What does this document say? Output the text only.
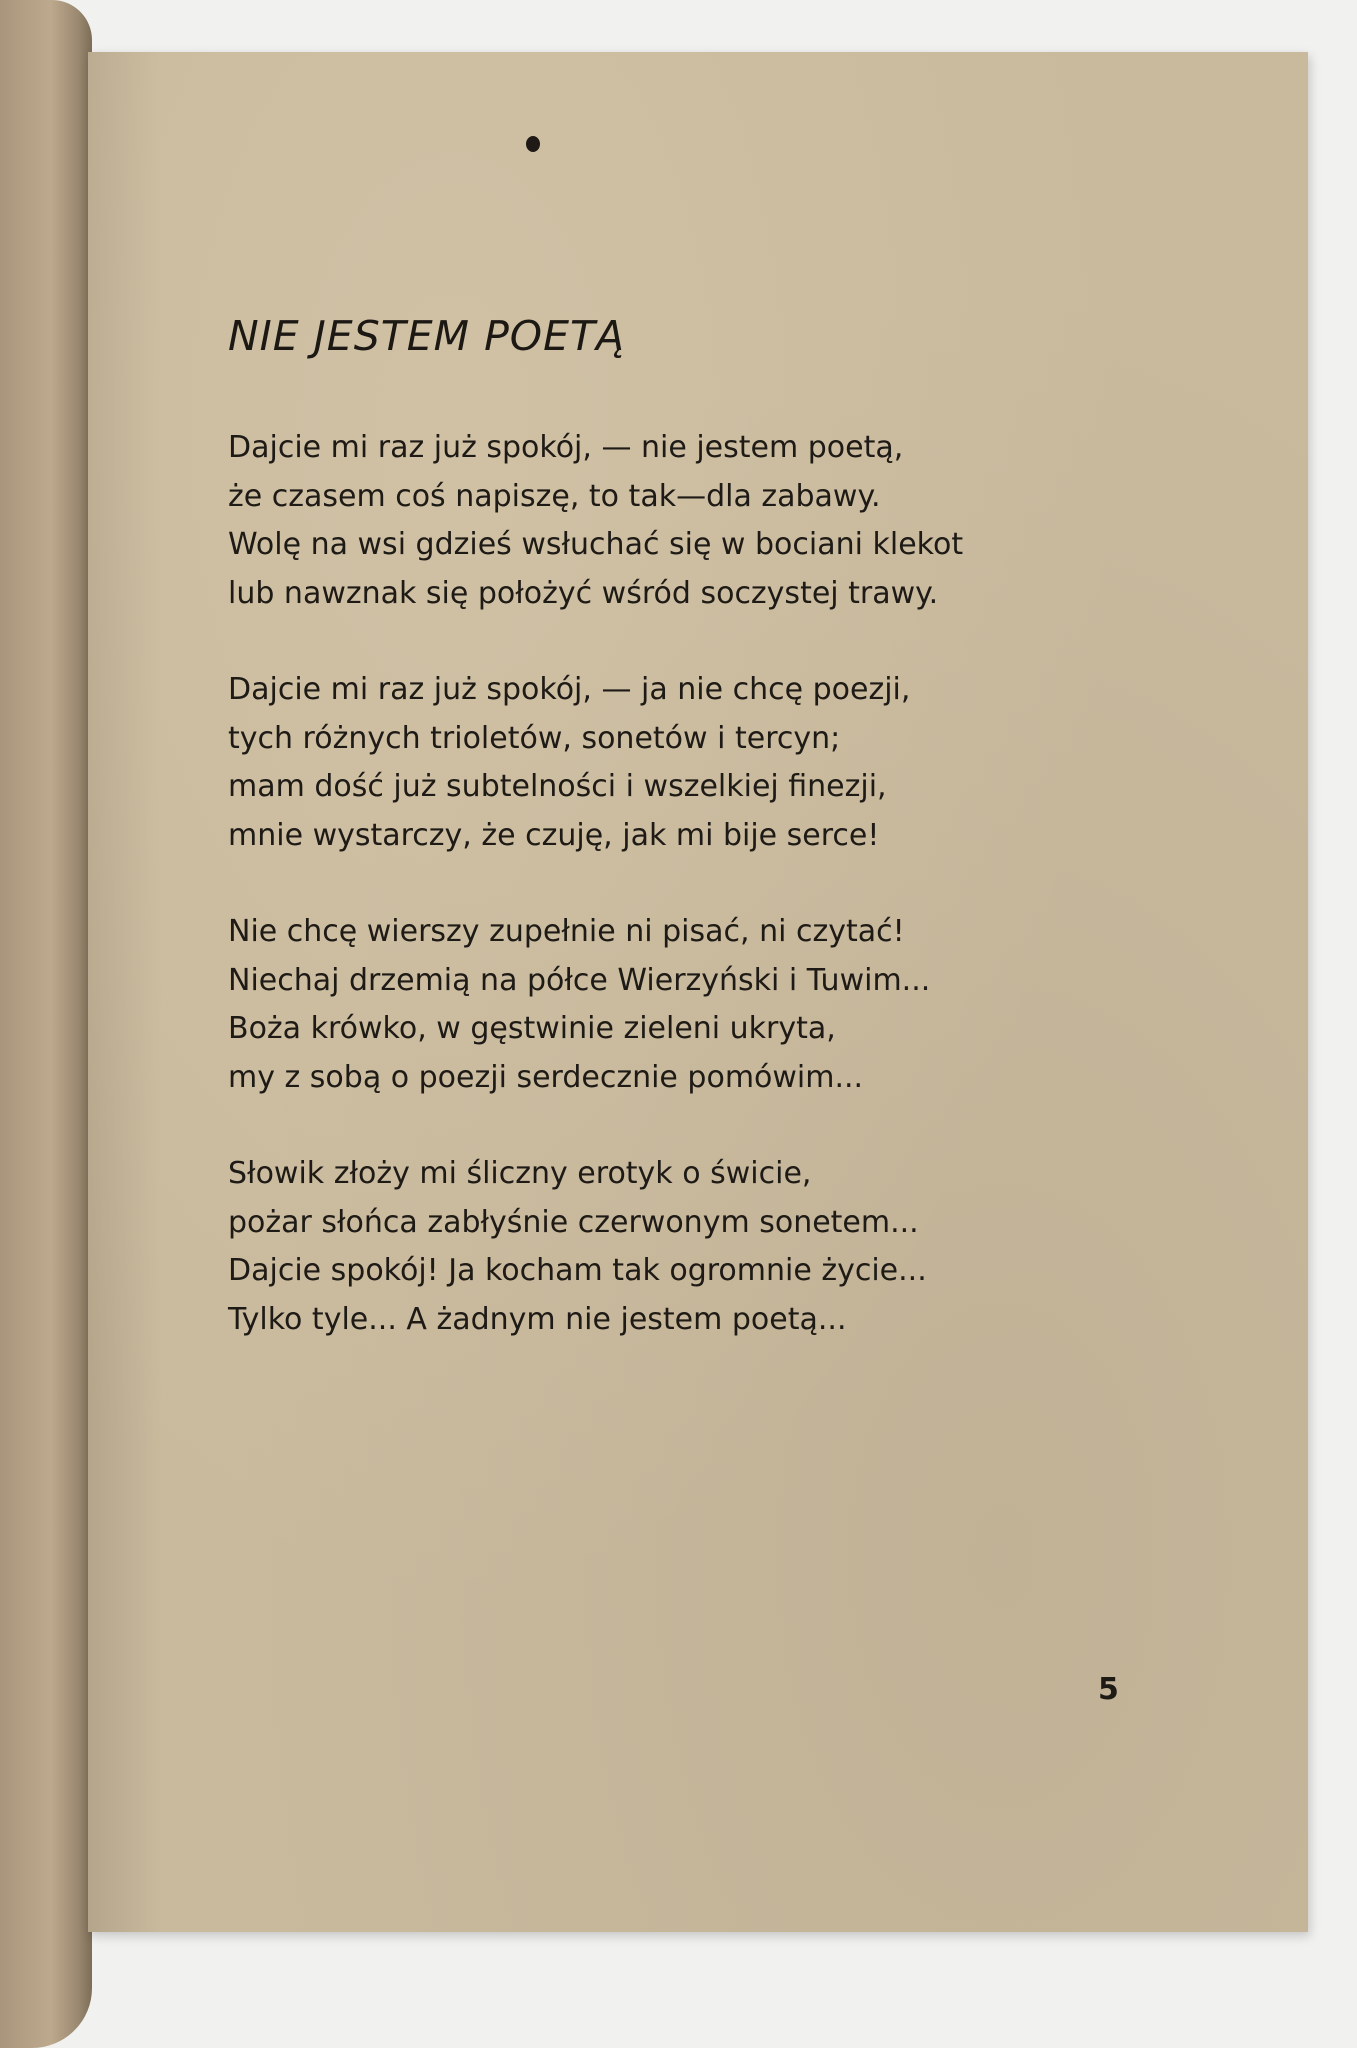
NIE JESTEM POETĄ
Dajcie mi raz już spokój, — nie jestem poetą,
że czasem coś napiszę, to tak—dla zabawy.
Wolę na wsi gdzieś wsłuchać się w bociani klekot
lub nawznak się położyć wśród soczystej trawy.
Dajcie mi raz już spokój, — ja nie chcę poezji,
tych różnych trioletów, sonetów i tercyn;
mam dość już subtelności i wszelkiej finezji,
mnie wystarczy, że czuję, jak mi bije serce!
Nie chcę wierszy zupełnie ni pisać, ni czytać!
Niechaj drzemią na półce Wierzyński i Tuwim...
Boża krówko, w gęstwinie zieleni ukryta,
my z sobą o poezji serdecznie pomówim...
Słowik złoży mi śliczny erotyk o świcie,
pożar słońca zabłyśnie czerwonym sonetem...
Dajcie spokój! Ja kocham tak ogromnie życie...
Tylko tyle... A żadnym nie jestem poetą...
5
